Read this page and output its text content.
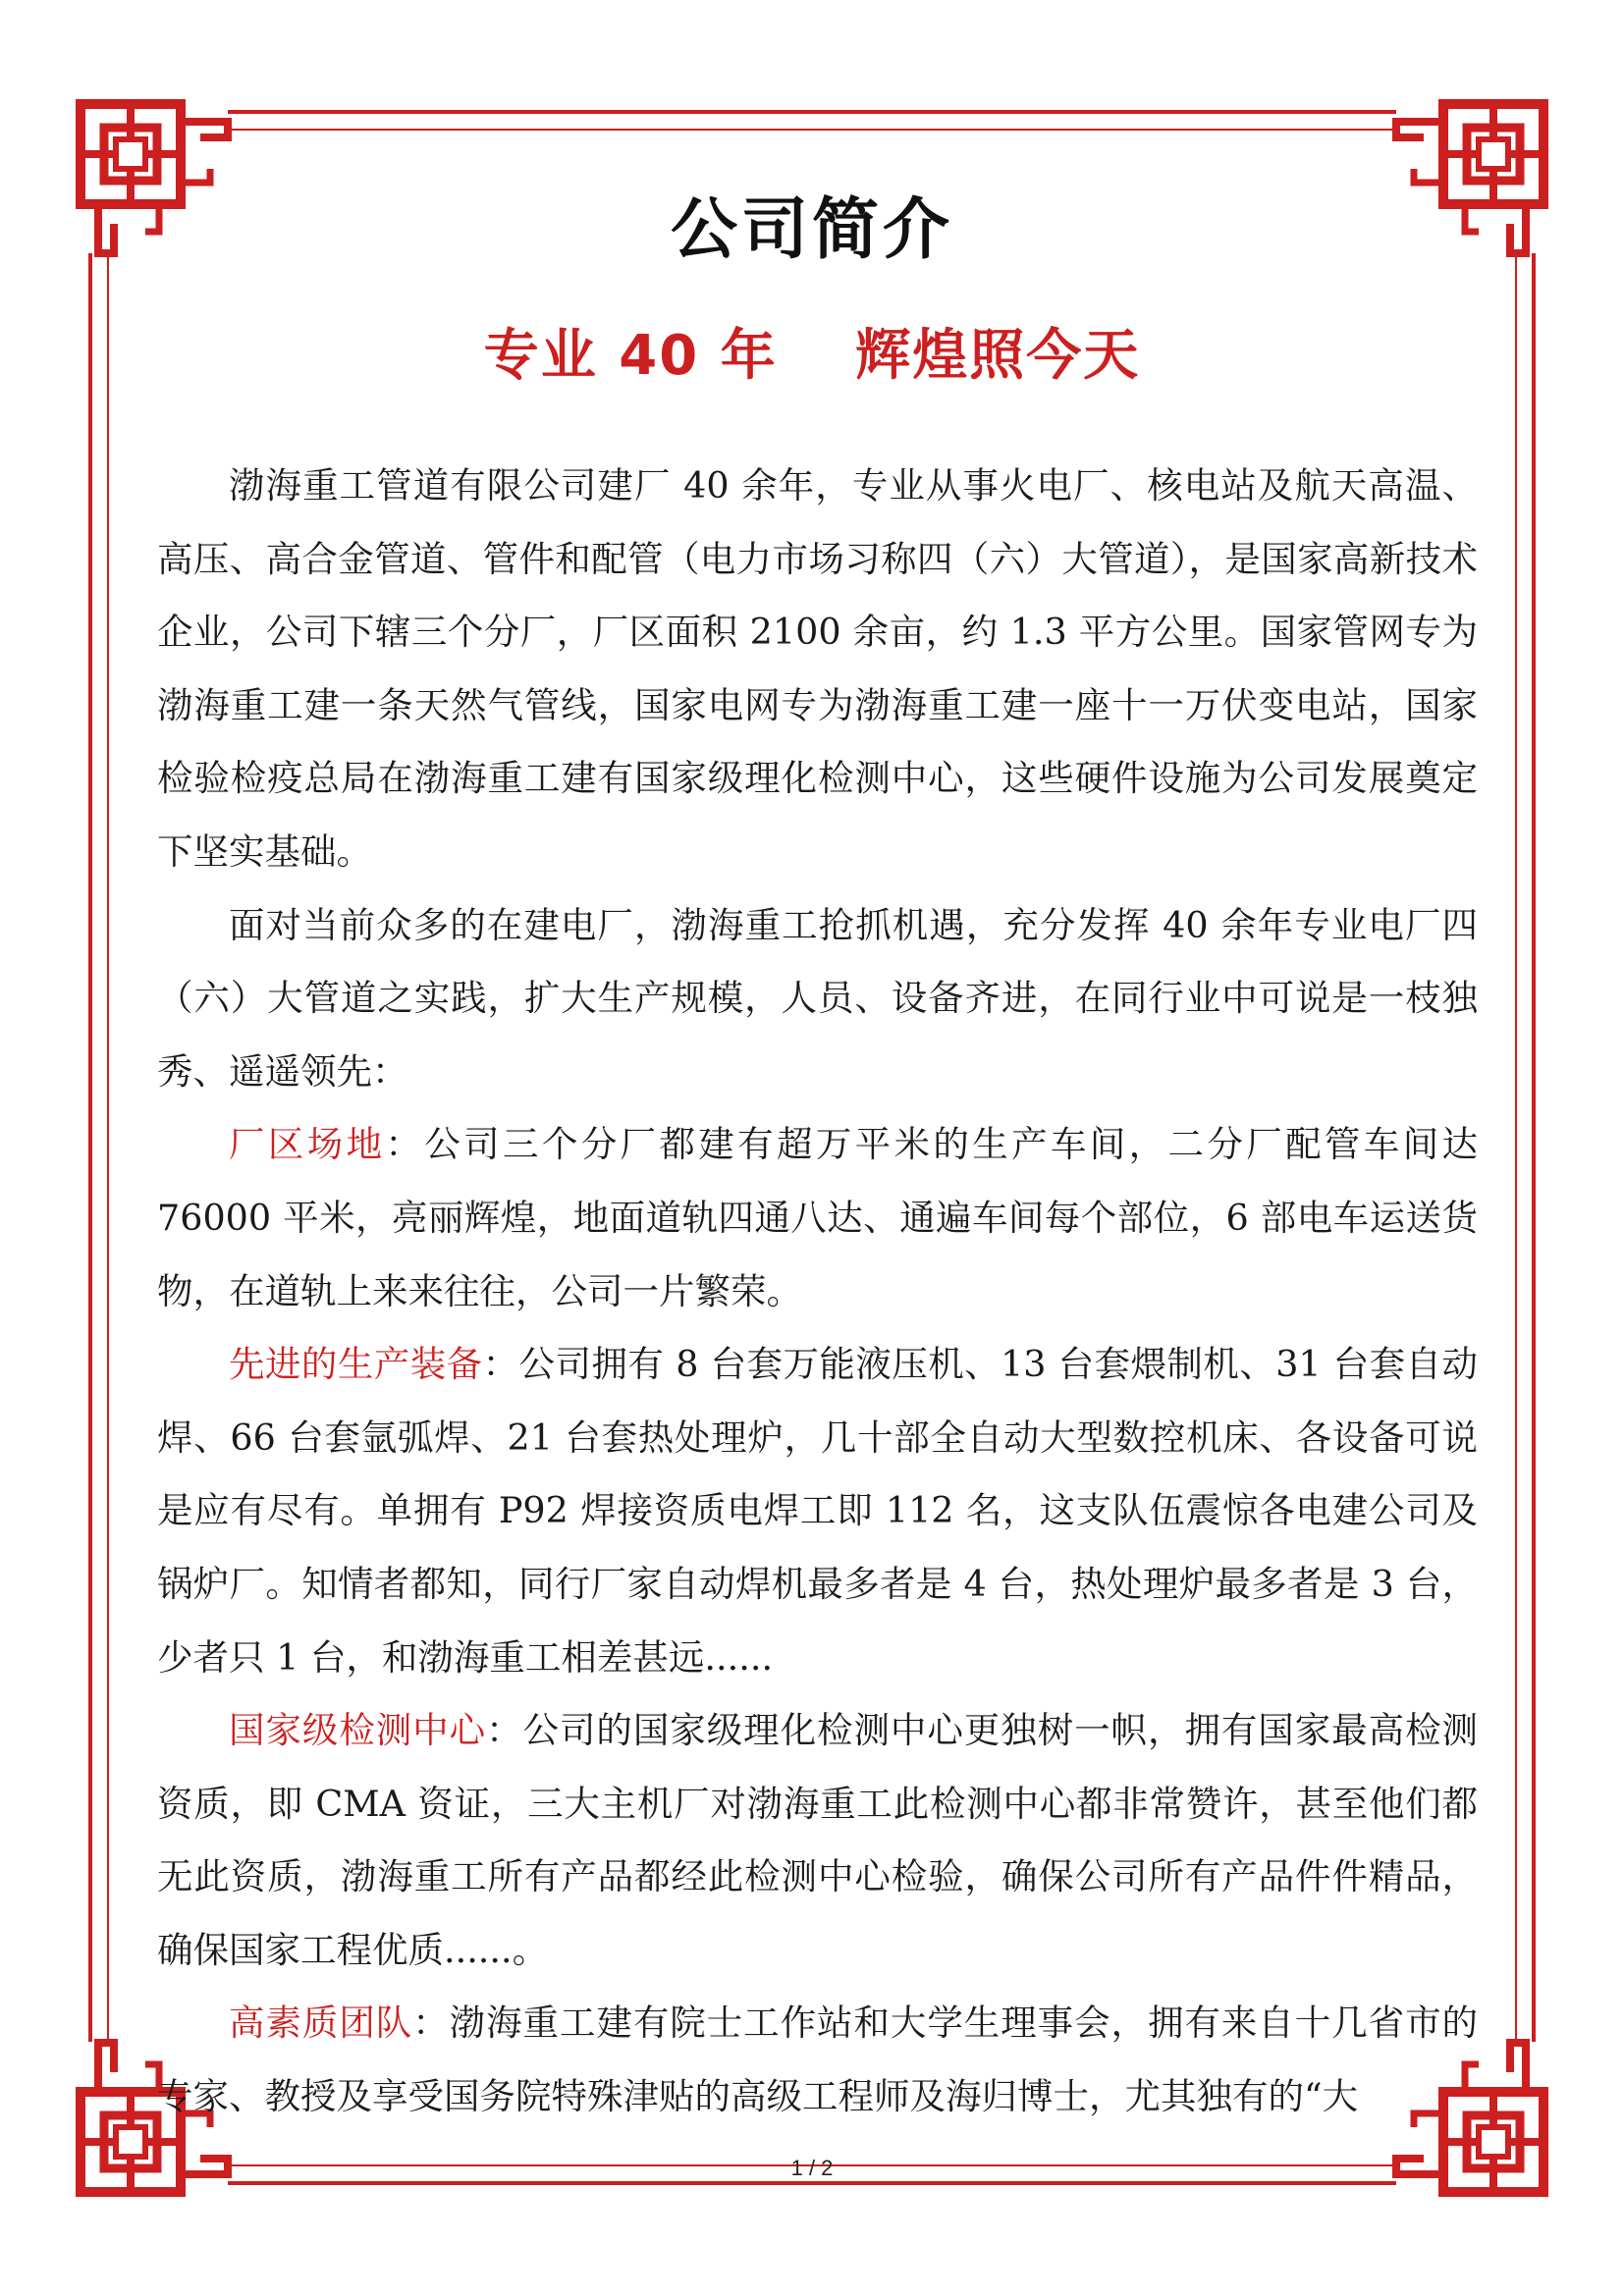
公司简介
专业 40 年　 辉煌照今天

渤海重工管道有限公司建厂 40 余年，专业从事火电厂、核电站及航天高温、高压、高合金管道、管件和配管（电力市场习称四（六）大管道），是国家高新技术企业，公司下辖三个分厂，厂区面积 2100 余亩，约 1.3 平方公里。国家管网专为渤海重工建一条天然气管线，国家电网专为渤海重工建一座十一万伏变电站，国家检验检疫总局在渤海重工建有国家级理化检测中心，这些硬件设施为公司发展奠定下坚实基础。

面对当前众多的在建电厂，渤海重工抢抓机遇，充分发挥 40 余年专业电厂四（六）大管道之实践，扩大生产规模，人员、设备齐进，在同行业中可说是一枝独秀、遥遥领先：

厂区场地：公司三个分厂都建有超万平米的生产车间，二分厂配管车间达 76000 平米，亮丽辉煌，地面道轨四通八达、通遍车间每个部位，6 部电车运送货物，在道轨上来来往往，公司一片繁荣。

先进的生产装备：公司拥有 8 台套万能液压机、13 台套煨制机、31 台套自动焊、66 台套氩弧焊、21 台套热处理炉，几十部全自动大型数控机床、各设备可说是应有尽有。单拥有 P92 焊接资质电焊工即 112 名，这支队伍震惊各电建公司及锅炉厂。知情者都知，同行厂家自动焊机最多者是 4 台，热处理炉最多者是 3 台，少者只 1 台，和渤海重工相差甚远......

国家级检测中心：公司的国家级理化检测中心更独树一帜，拥有国家最高检测资质，即 CMA 资证，三大主机厂对渤海重工此检测中心都非常赞许，甚至他们都无此资质，渤海重工所有产品都经此检测中心检验，确保公司所有产品件件精品，确保国家工程优质......。

高素质团队：渤海重工建有院士工作站和大学生理事会，拥有来自十几省市的专家、教授及享受国务院特殊津贴的高级工程师及海归博士，尤其独有的“大

1 / 2
